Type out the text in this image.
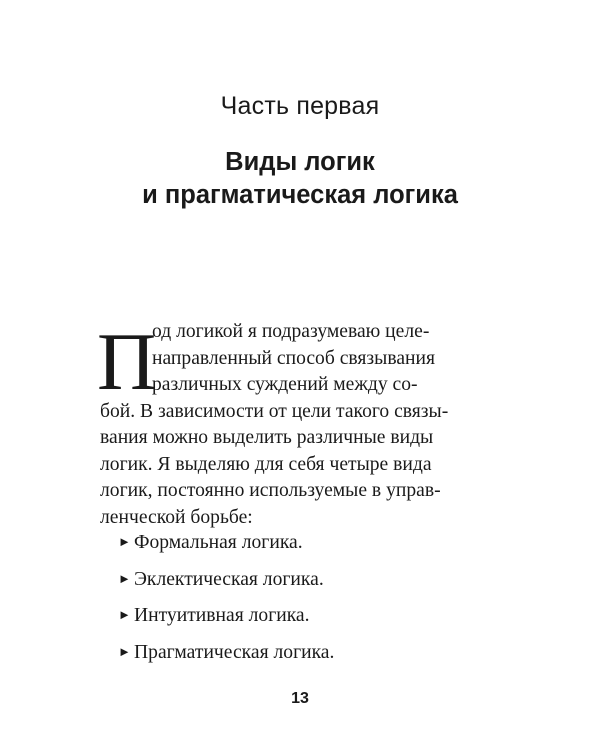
Часть первая
Виды логик
и прагматическая логика
П
од логикой я подразумеваю целе-
направленный способ связывания
различных суждений между со-
бой. В зависимости от цели такого связы-
вания можно выделить различные виды
логик. Я выделяю для себя четыре вида
логик, постоянно используемые в управ-
ленческой борьбе:
► Формальная логика.
► Эклектическая логика.
► Интуитивная логика.
► Прагматическая логика.
13
